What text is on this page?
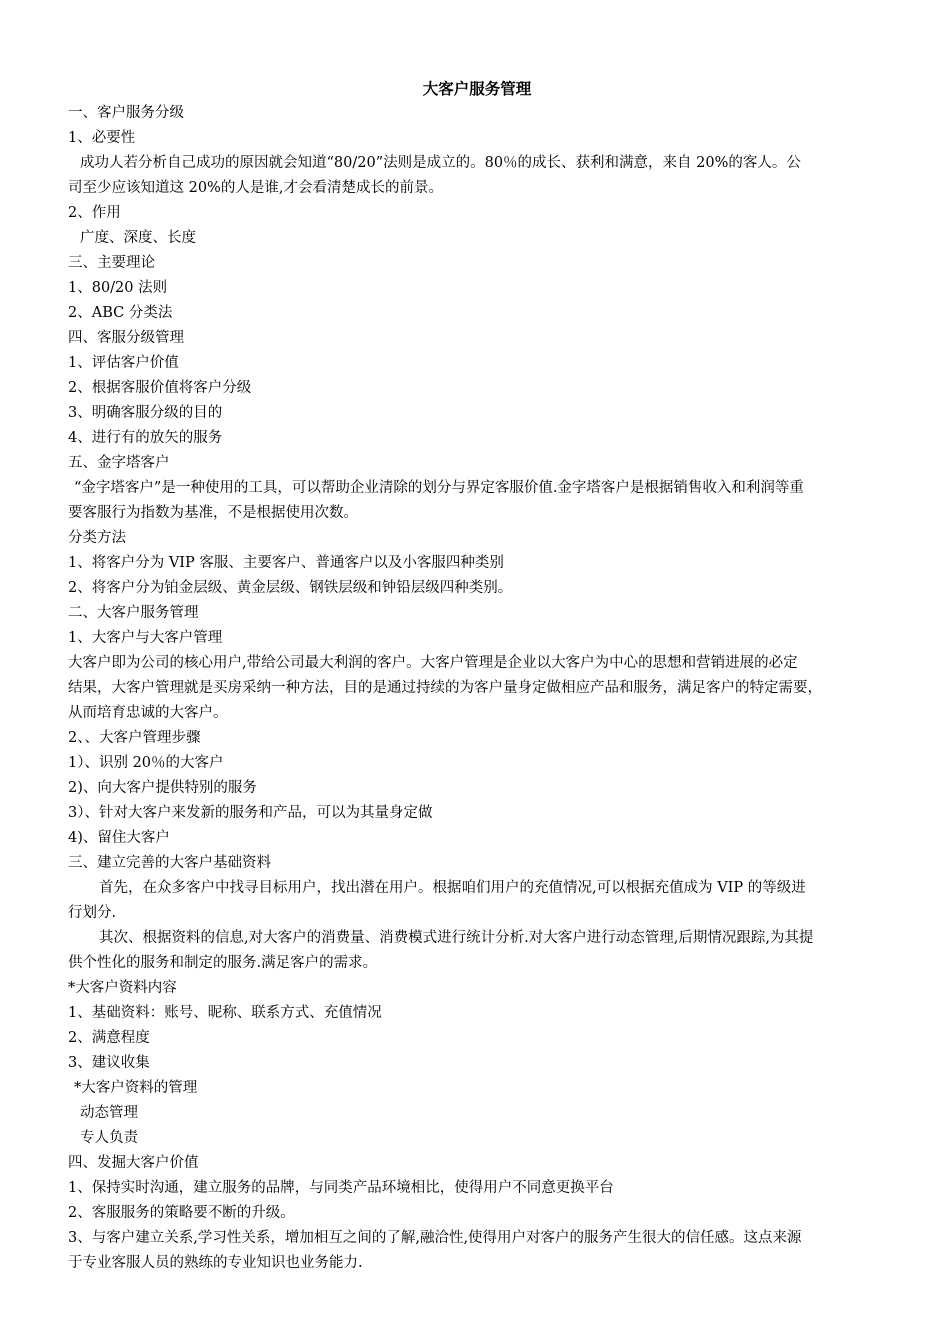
大客户服务管理
一、客户服务分级
1、必要性
成功人若分析自己成功的原因就会知道“80/20”法则是成立的。80％的成长、获利和满意，来自 20%的客人。公
司至少应该知道这 20%的人是谁,才会看清楚成长的前景。
2、作用
广度、深度、长度
三、主要理论
1、80/20 法则
2、ABC 分类法
四、客服分级管理
1、评估客户价值
2、根据客服价值将客户分级
3、明确客服分级的目的
4、进行有的放矢的服务
五、金字塔客户
“金字塔客户”是一种使用的工具，可以帮助企业清除的划分与界定客服价值.金字塔客户是根据销售收入和利润等重
要客服行为指数为基准，不是根据使用次数。
分类方法
1、将客户分为 VIP 客服、主要客户、普通客户以及小客服四种类别
2、将客户分为铂金层级、黄金层级、钢铁层级和钟铅层级四种类别。
二、大客户服务管理
1、大客户与大客户管理
大客户即为公司的核心用户,带给公司最大利润的客户。大客户管理是企业以大客户为中心的思想和营销进展的必定
结果，大客户管理就是买房采纳一种方法，目的是通过持续的为客户量身定做相应产品和服务，满足客户的特定需要，
从而培育忠诚的大客户。
2、、大客户管理步骤
1）、识别 20％的大客户
2)、向大客户提供特别的服务
3）、针对大客户来发新的服务和产品，可以为其量身定做
4)、留住大客户
三、建立完善的大客户基础资料
首先，在众多客户中找寻目标用户，找出潜在用户。根据咱们用户的充值情况,可以根据充值成为 VIP 的等级进
行划分.
其次、根据资料的信息,对大客户的消费量、消费模式进行统计分析.对大客户进行动态管理,后期情况跟踪,为其提
供个性化的服务和制定的服务.满足客户的需求。
*大客户资料内容
1、基础资料：账号、昵称、联系方式、充值情况
2、满意程度
3、建议收集
*大客户资料的管理
动态管理
专人负责
四、发掘大客户价值
1、保持实时沟通，建立服务的品牌，与同类产品环境相比，使得用户不同意更换平台
2、客服服务的策略要不断的升级。
3、与客户建立关系,学习性关系，增加相互之间的了解,融洽性,使得用户对客户的服务产生很大的信任感。这点来源
于专业客服人员的熟练的专业知识也业务能力.
